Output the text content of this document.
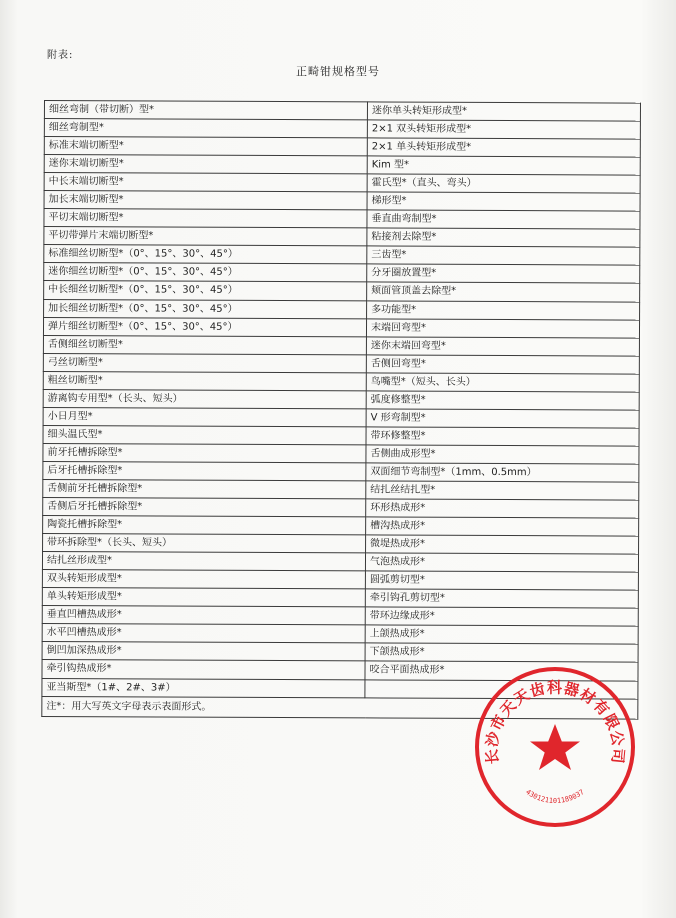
附表:
正畸钳规格型号
细丝弯制（带切断）型*	迷你单头转矩形成型*
细丝弯制型*	2×1 双头转矩形成型*
标准末端切断型*	2×1 单头转矩形成型*
迷你末端切断型*	Kim 型*
中长末端切断型*	霍氏型*（直头、弯头）
加长末端切断型*	梯形型*
平切末端切断型*	垂直曲弯制型*
平切带弹片末端切断型*	粘接剂去除型*
标准细丝切断型*（0°、15°、30°、45°）	三齿型*
迷你细丝切断型*（0°、15°、30°、45°）	分牙圈放置型*
中长细丝切断型*（0°、15°、30°、45°）	颊面管顶盖去除型*
加长细丝切断型*（0°、15°、30°、45°）	多功能型*
弹片细丝切断型*（0°、15°、30°、45°）	末端回弯型*
舌侧细丝切断型*	迷你末端回弯型*
弓丝切断型*	舌侧回弯型*
粗丝切断型*	鸟嘴型*（短头、长头）
游离钩专用型*（长头、短头）	弧度修整型*
小日月型*	V 形弯制型*
细头温氏型*	带环修整型*
前牙托槽拆除型*	舌侧曲成形型*
后牙托槽拆除型*	双面细节弯制型*（1mm、0.5mm）
舌侧前牙托槽拆除型*	结扎丝结扎型*
舌侧后牙托槽拆除型*	环形热成形*
陶瓷托槽拆除型*	槽沟热成形*
带环拆除型*（长头、短头）	微堤热成形*
结扎丝形成型*	气泡热成形*
双头转矩形成型*	圆弧剪切型*
单头转矩形成型*	牵引钩孔剪切型*
垂直凹槽热成形*	带环边缘成形*
水平凹槽热成形*	上颌热成形*
倒凹加深热成形*	下颌热成形*
牵引钩热成形*	咬合平面热成形*
亚当斯型*（1#、2#、3#）	
注*：用大写英文字母表示表面形式。	
长沙市天天齿科器材有限公司
430121101189037
